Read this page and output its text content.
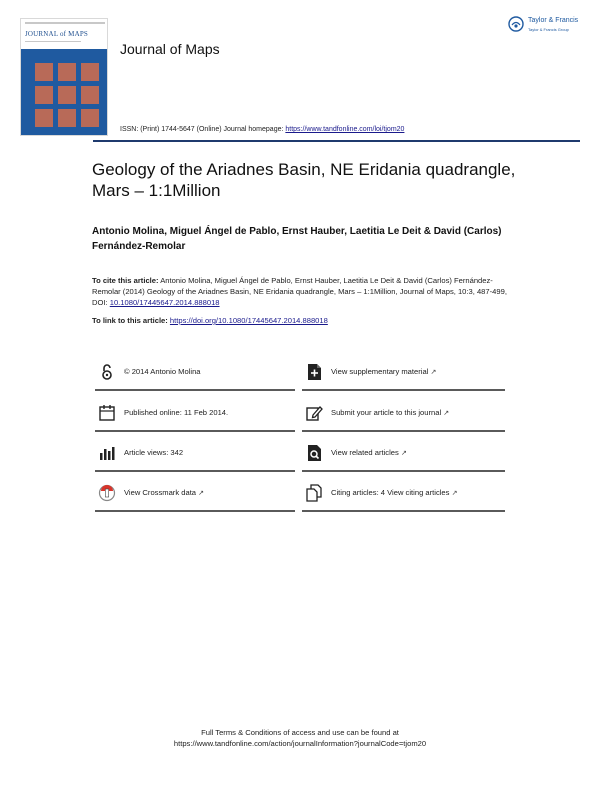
JOURNAL of MAPS
Journal of Maps
ISSN: (Print) 1744-5647 (Online) Journal homepage: https://www.tandfonline.com/loi/tjom20
Taylor & Francis
Taylor & Francis Group
Geology of the Ariadnes Basin, NE Eridania quadrangle, Mars – 1:1Million
Antonio Molina, Miguel Ángel de Pablo, Ernst Hauber, Laetitia Le Deit & David (Carlos) Fernández-Remolar
To cite this article: Antonio Molina, Miguel Ángel de Pablo, Ernst Hauber, Laetitia Le Deit & David (Carlos) Fernández-Remolar (2014) Geology of the Ariadnes Basin, NE Eridania quadrangle, Mars – 1:1Million, Journal of Maps, 10:3, 487-499, DOI: 10.1080/17445647.2014.888018
To link to this article: https://doi.org/10.1080/17445647.2014.888018
© 2014 Antonio Molina
Published online: 11 Feb 2014.
Article views: 342
View Crossmark data ↗
View supplementary material ↗
Submit your article to this journal ↗
View related articles ↗
Citing articles: 4 View citing articles ↗
Full Terms & Conditions of access and use can be found at
https://www.tandfonline.com/action/journalInformation?journalCode=tjom20
